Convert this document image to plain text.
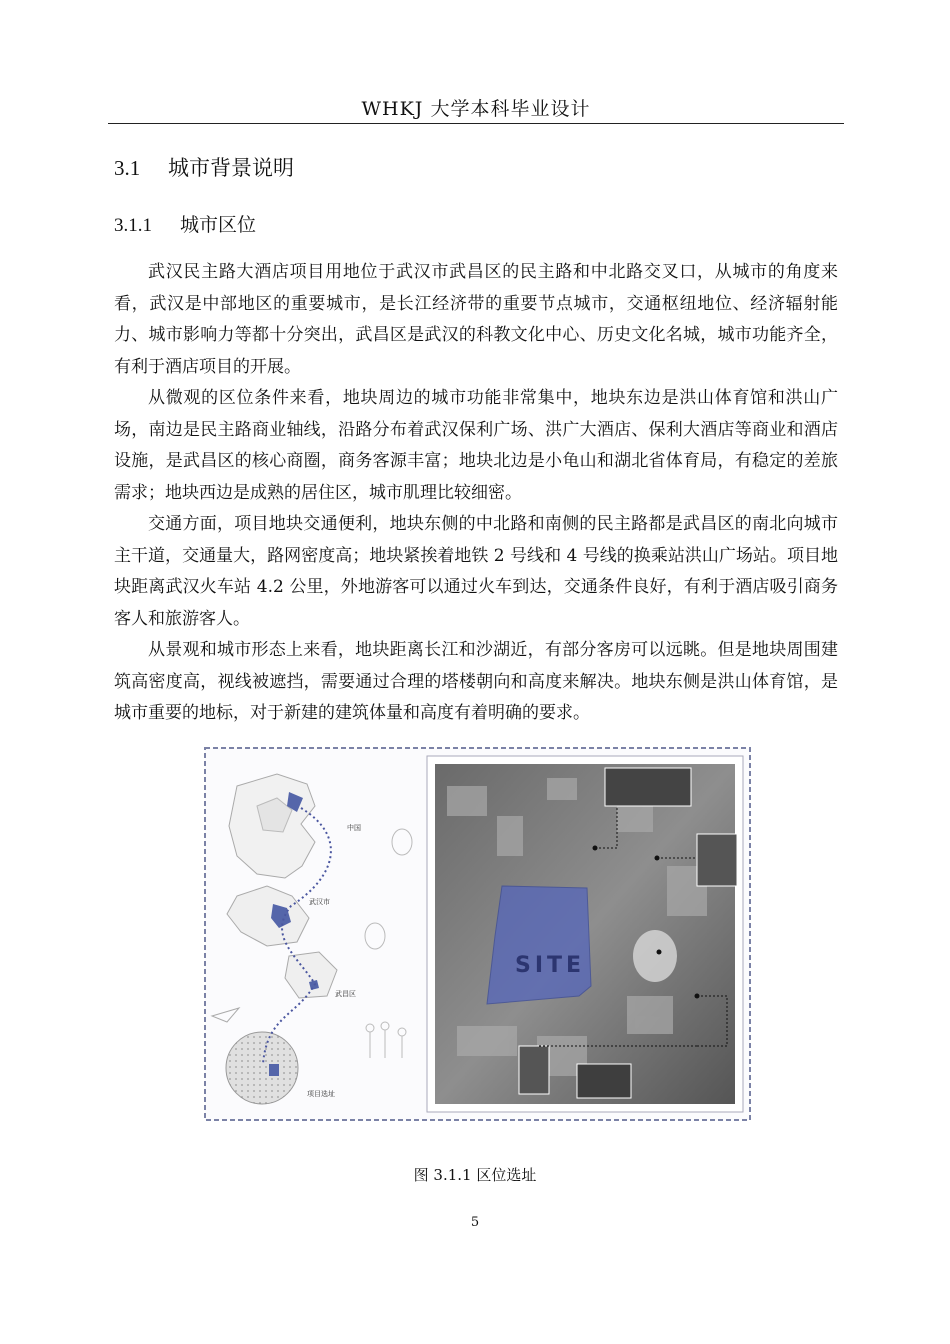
WHKJ 大学本科毕业设计
3.1 城市背景说明
3.1.1 城市区位

武汉民主路大酒店项目用地位于武汉市武昌区的民主路和中北路交叉口，从城市的角度来看，武汉是中部地区的重要城市，是长江经济带的重要节点城市，交通枢纽地位、经济辐射能力、城市影响力等都十分突出，武昌区是武汉的科教文化中心、历史文化名城，城市功能齐全，有利于酒店项目的开展。

从微观的区位条件来看，地块周边的城市功能非常集中，地块东边是洪山体育馆和洪山广场，南边是民主路商业轴线，沿路分布着武汉保利广场、洪广大酒店、保利大酒店等商业和酒店设施，是武昌区的核心商圈，商务客源丰富；地块北边是小龟山和湖北省体育局，有稳定的差旅需求；地块西边是成熟的居住区，城市肌理比较细密。

交通方面，项目地块交通便利，地块东侧的中北路和南侧的民主路都是武昌区的南北向城市主干道，交通量大，路网密度高；地块紧挨着地铁 2 号线和 4 号线的换乘站洪山广场站。项目地块距离武汉火车站 4.2 公里，外地游客可以通过火车到达，交通条件良好，有利于酒店吸引商务客人和旅游客人。

从景观和城市形态上来看，地块距离长江和沙湖近，有部分客房可以远眺。但是地块周围建筑高密度高，视线被遮挡，需要通过合理的塔楼朝向和高度来解决。地块东侧是洪山体育馆，是城市重要的地标，对于新建的建筑体量和高度有着明确的要求。

中国
武汉市
武昌区
项目选址
SITE
图 3.1.1 区位选址
5
